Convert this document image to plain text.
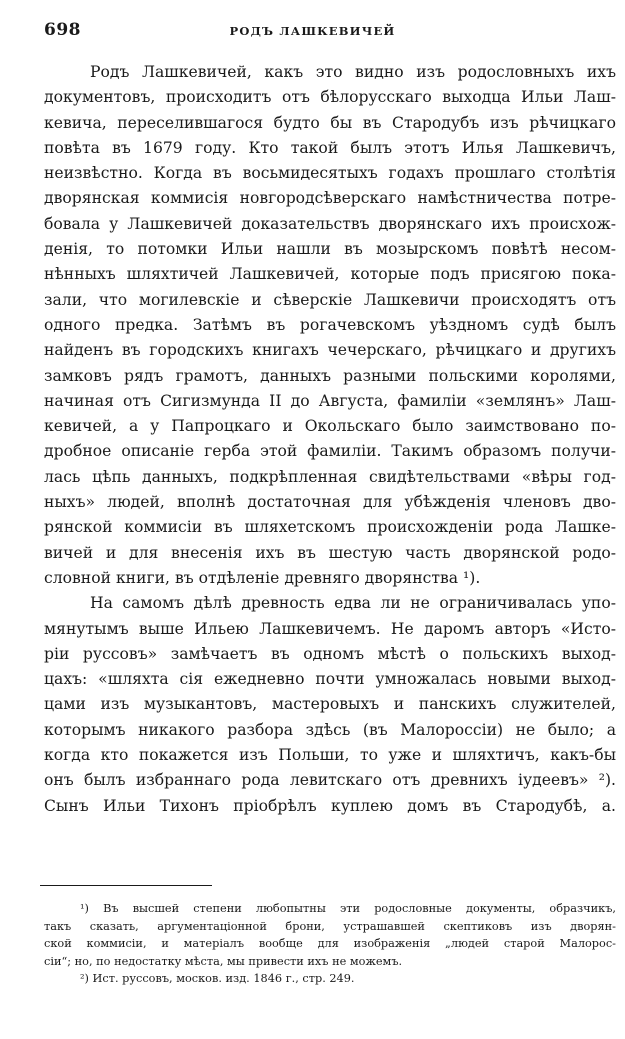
698	РОДЪ ЛАШКЕВИЧЕЙ
Родъ Лашкевичей, какъ это видно изъ родословныхъ ихъ
документовъ, происходитъ отъ бѣлорусскаго выходца Ильи Лаш-
кевича, переселившагося будто бы въ Стародубъ изъ рѣчицкаго
повѣта въ 1679 году. Кто такой былъ этотъ Илья Лашкевичъ,
неизвѣстно. Когда въ восьмидесятыхъ годахъ прошлаго столѣтія
дворянская коммисія новгородсѣверскаго намѣстничества потре-
бовала у Лашкевичей доказательствъ дворянскаго ихъ происхож-
денія, то потомки Ильи нашли въ мозырскомъ повѣтѣ несом-
нѣнныхъ шляхтичей Лашкевичей, которые подъ присягою пока-
зали, что могилевскіе и сѣверскіе Лашкевичи происходятъ отъ
одного предка. Затѣмъ въ рогачевскомъ уѣздномъ судѣ былъ
найденъ въ городскихъ книгахъ чечерскаго, рѣчицкаго и другихъ
замковъ рядъ грамотъ, данныхъ разными польскими королями,
начиная отъ Сигизмунда II до Августа, фамиліи «землянъ» Лаш-
кевичей, а у Папроцкаго и Окольскаго было заимствовано по-
дробное описаніе герба этой фамиліи. Такимъ образомъ получи-
лась цѣпь данныхъ, подкрѣпленная свидѣтельствами «вѣры год-
ныхъ» людей, вполнѣ достаточная для убѣжденія членовъ дво-
рянской коммисіи въ шляхетскомъ происхожденіи рода Лашке-
вичей и для внесенія ихъ въ шестую часть дворянской родо-
словной книги, въ отдѣленіе древняго дворянства ¹).
На самомъ дѣлѣ древность едва ли не ограничивалась упо-
мянутымъ выше Ильею Лашкевичемъ. Не даромъ авторъ «Исто-
ріи руссовъ» замѣчаетъ въ одномъ мѣстѣ о польскихъ выход-
цахъ: «шляхта сія ежедневно почти умножалась новыми выход-
цами изъ музыкантовъ, мастеровыхъ и панскихъ служителей,
которымъ никакого разбора здѣсь (въ Малороссіи) не было; а
когда кто покажется изъ Польши, то уже и шляхтичъ, какъ-бы
онъ былъ избраннаго рода левитскаго отъ древнихъ іудеевъ» ²).
Сынъ Ильи Тихонъ пріобрѣлъ куплею домъ въ Стародубѣ, а.
¹) Въ высшей степени любопытны эти родословные документы, образчикъ,
такъ сказать, аргументаціонной брони, устрашавшей скептиковъ изъ дворян-
ской коммисіи, и матеріалъ вообще для изображенія „людей старой Малорос-
сіи“; но, по недостатку мѣста, мы привести ихъ не можемъ.
²) Ист. руссовъ, москов. изд. 1846 г., стр. 249.
